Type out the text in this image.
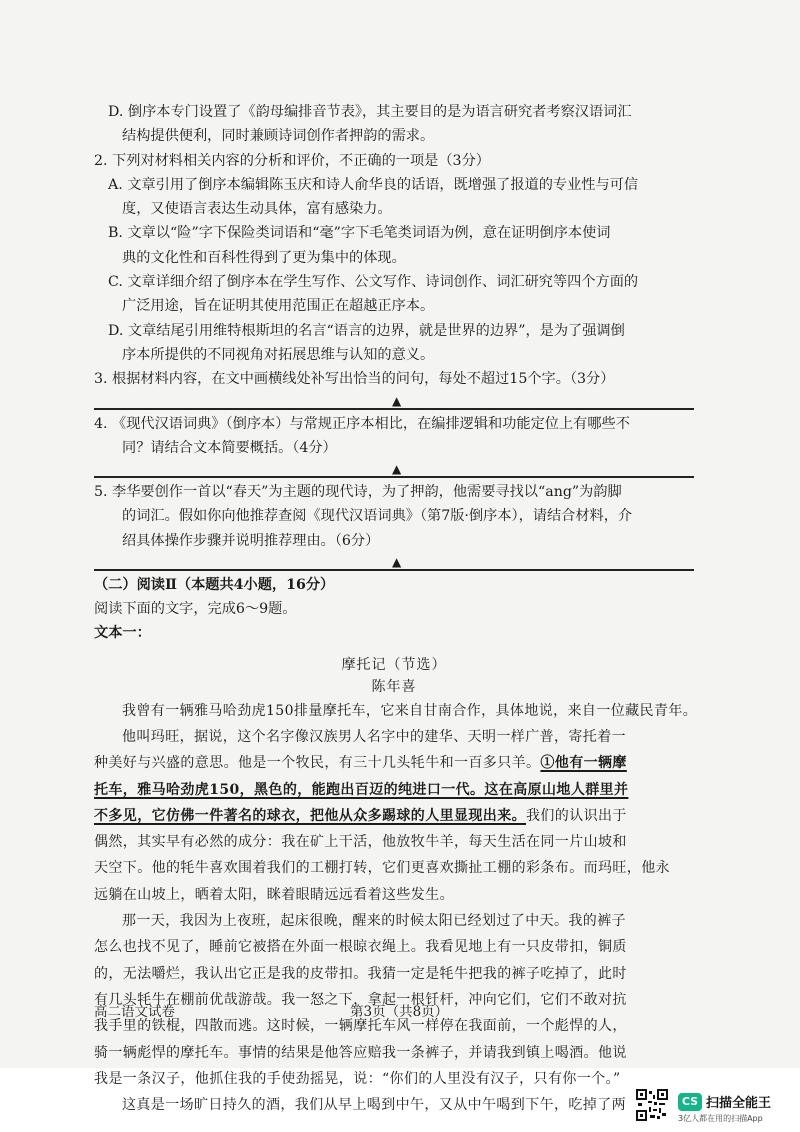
D. 倒序本专门设置了《韵母编排音节表》，其主要目的是为语言研究者考察汉语词汇
结构提供便利，同时兼顾诗词创作者押韵的需求。
2. 下列对材料相关内容的分析和评价，不正确的一项是（3分）
A. 文章引用了倒序本编辑陈玉庆和诗人俞华良的话语，既增强了报道的专业性与可信
度，又使语言表达生动具体，富有感染力。
B. 文章以“险”字下保险类词语和“毫”字下毛笔类词语为例，意在证明倒序本使词
典的文化性和百科性得到了更为集中的体现。
C. 文章详细介绍了倒序本在学生写作、公文写作、诗词创作、词汇研究等四个方面的
广泛用途，旨在证明其使用范围正在超越正序本。
D. 文章结尾引用维特根斯坦的名言“语言的边界，就是世界的边界”，是为了强调倒
序本所提供的不同视角对拓展思维与认知的意义。
3. 根据材料内容，在文中画横线处补写出恰当的问句，每处不超过15个字。（3分）
▲
4. 《现代汉语词典》（倒序本）与常规正序本相比，在编排逻辑和功能定位上有哪些不
同？请结合文本简要概括。（4分）
▲
5. 李华要创作一首以“春天”为主题的现代诗，为了押韵，他需要寻找以“ang”为韵脚
的词汇。假如你向他推荐查阅《现代汉语词典》（第7版·倒序本），请结合材料，介
绍具体操作步骤并说明推荐理由。（6分）
▲
（二）阅读Ⅱ（本题共4小题，16分）
阅读下面的文字，完成6～9题。
文本一：
摩托记（节选）
陈年喜
我曾有一辆雅马哈劲虎150排量摩托车，它来自甘南合作，具体地说，来自一位藏民青年。
他叫玛旺，据说，这个名字像汉族男人名字中的建华、天明一样广普，寄托着一
种美好与兴盛的意思。他是一个牧民，有三十几头牦牛和一百多只羊。①他有一辆摩
托车，雅马哈劲虎150，黑色的，能跑出百迈的纯进口一代。这在高原山地人群里并
不多见，它仿佛一件著名的球衣，把他从众多踢球的人里显现出来。我们的认识出于
偶然，其实早有必然的成分：我在矿上干活，他放牧牛羊，每天生活在同一片山坡和
天空下。他的牦牛喜欢围着我们的工棚打转，它们更喜欢撕扯工棚的彩条布。而玛旺，他永
远躺在山坡上，晒着太阳，眯着眼睛远远看着这些发生。
那一天，我因为上夜班，起床很晚，醒来的时候太阳已经划过了中天。我的裤子
怎么也找不见了，睡前它被搭在外面一根晾衣绳上。我看见地上有一只皮带扣，铜质
的，无法嚼烂，我认出它正是我的皮带扣。我猜一定是牦牛把我的裤子吃掉了，此时
有几头牦牛在棚前优哉游哉。我一怒之下，拿起一根钎杆，冲向它们，它们不敢对抗
我手里的铁棍，四散而逃。这时候，一辆摩托车风一样停在我面前，一个彪悍的人，
骑一辆彪悍的摩托车。事情的结果是他答应赔我一条裤子，并请我到镇上喝酒。他说
我是一条汉子，他抓住我的手使劲摇晃，说：“你们的人里没有汉子，只有你一个。”
这真是一场旷日持久的酒，我们从早上喝到中午，又从中午喝到下午，吃掉了两
高二语文试卷	第3页（共8页）
CS 扫描全能王
3亿人都在用的扫描App
